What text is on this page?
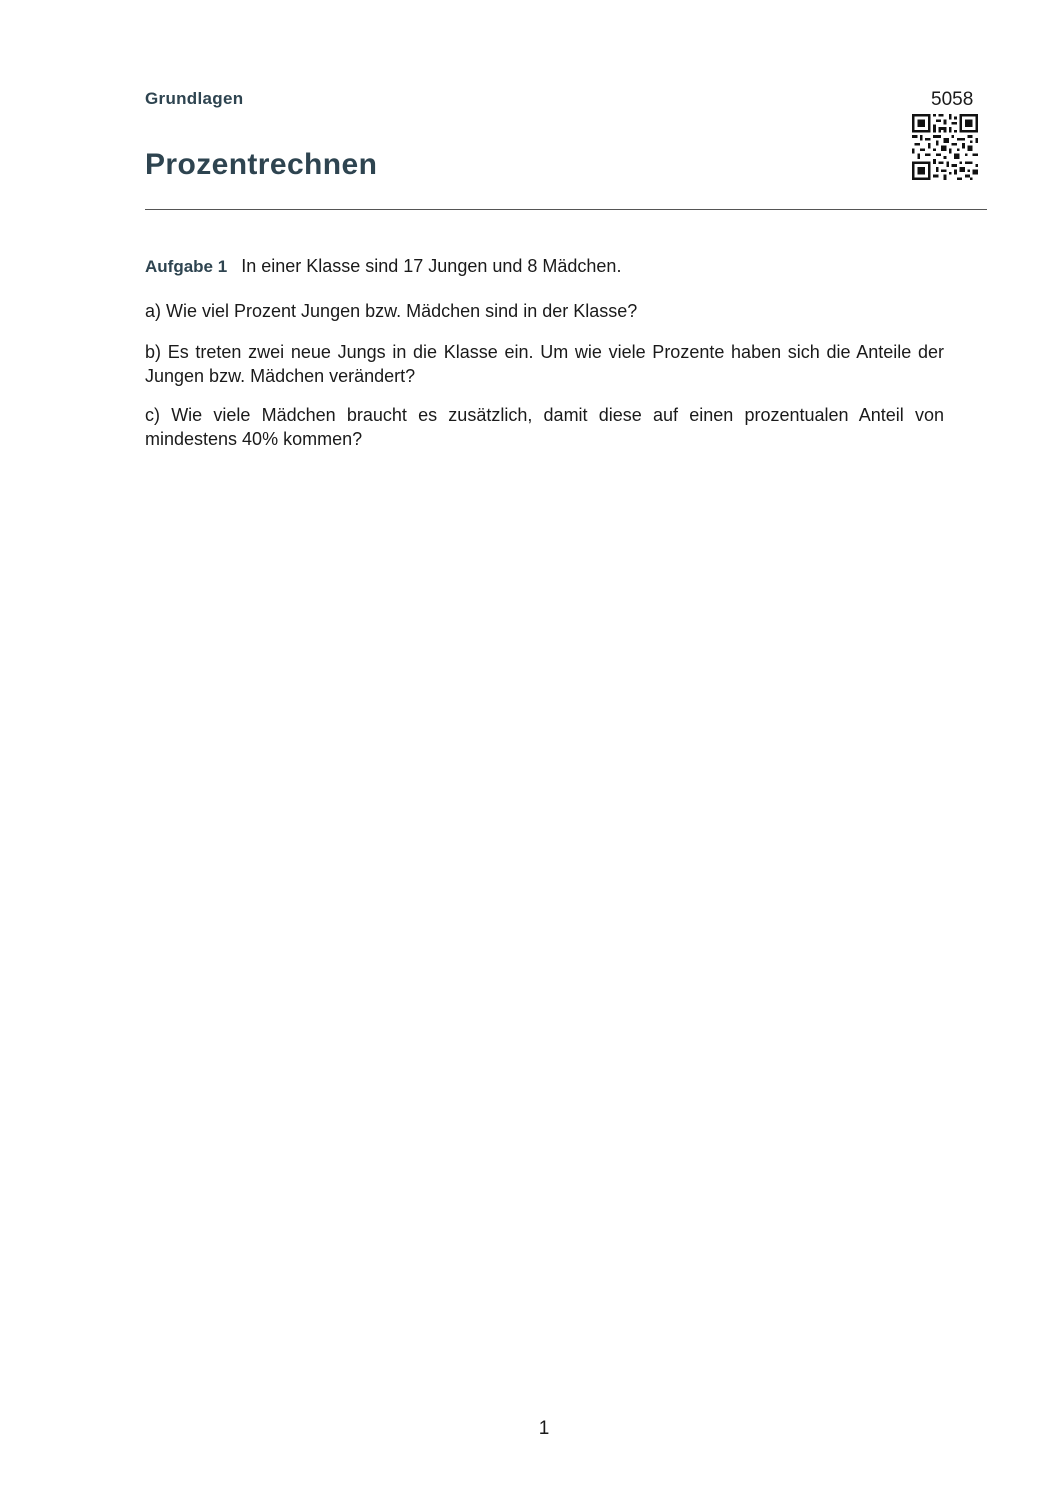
Grundlagen	5058
Prozentrechnen
Aufgabe 1 In einer Klasse sind 17 Jungen und 8 Mädchen.

a) Wie viel Prozent Jungen bzw. Mädchen sind in der Klasse?

b) Es treten zwei neue Jungs in die Klasse ein. Um wie viele Prozente haben sich die Anteile der Jungen bzw. Mädchen verändert?

c) Wie viele Mädchen braucht es zusätzlich, damit diese auf einen prozentualen Anteil von mindestens 40% kommen?

1
